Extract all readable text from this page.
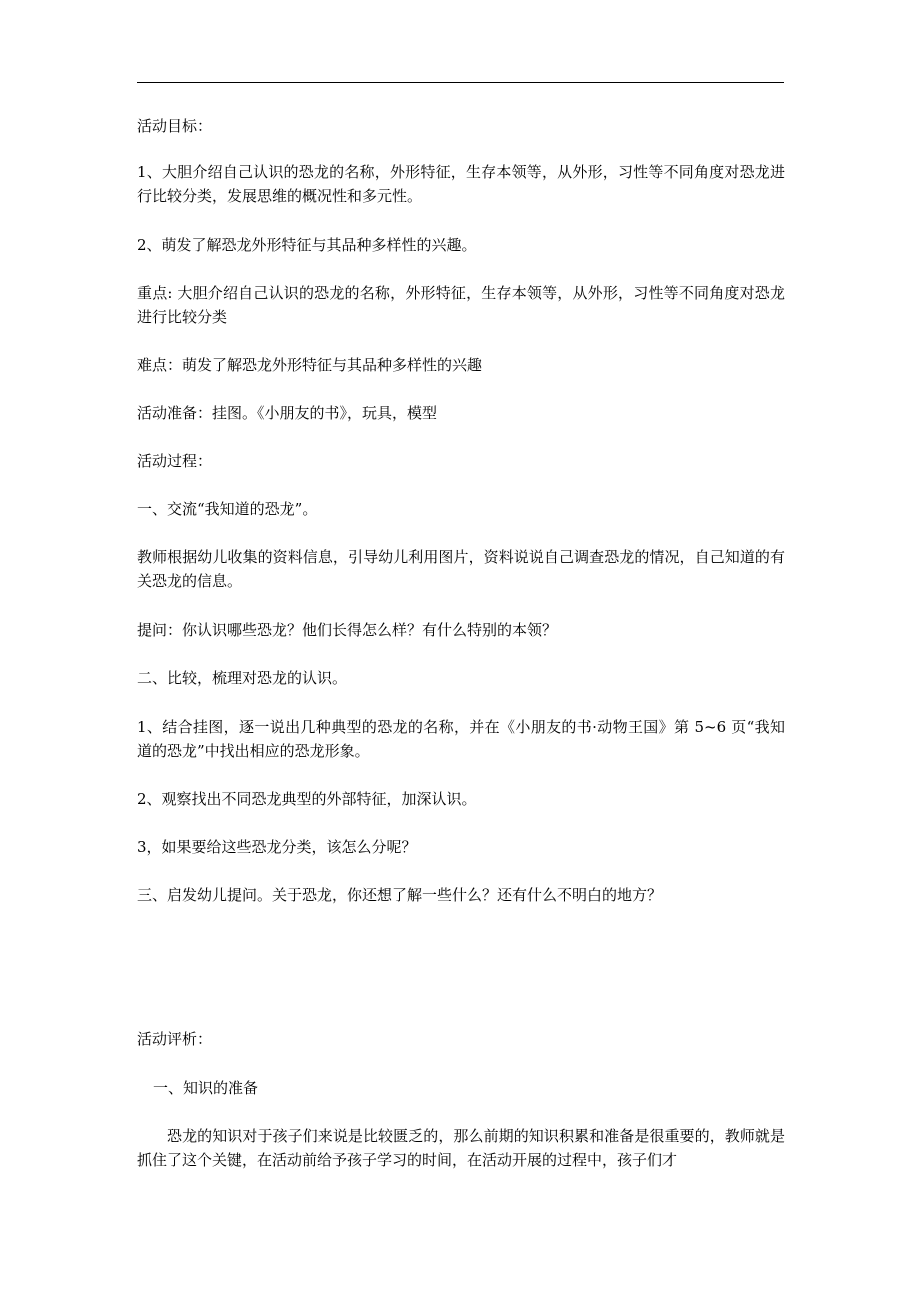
活动目标：
1、大胆介绍自己认识的恐龙的名称，外形特征，生存本领等，从外形，习性等不同角度对恐龙进行比较分类，发展思维的概况性和多元性。
2、萌发了解恐龙外形特征与其品种多样性的兴趣。
重点: 大胆介绍自己认识的恐龙的名称，外形特征，生存本领等，从外形，习性等不同角度对恐龙进行比较分类
难点：萌发了解恐龙外形特征与其品种多样性的兴趣
活动准备：挂图。《小朋友的书》，玩具，模型
活动过程：
一、交流“我知道的恐龙”。
教师根据幼儿收集的资料信息，引导幼儿利用图片，资料说说自己调查恐龙的情况，自己知道的有关恐龙的信息。
提问：你认识哪些恐龙？他们长得怎么样？有什么特别的本领？
二、比较，梳理对恐龙的认识。
1、结合挂图，逐一说出几种典型的恐龙的名称，并在《小朋友的书·动物王国》第 5~6 页“我知道的恐龙”中找出相应的恐龙形象。
2、观察找出不同恐龙典型的外部特征，加深认识。
3，如果要给这些恐龙分类，该怎么分呢？
三、启发幼儿提问。关于恐龙，你还想了解一些什么？还有什么不明白的地方？
活动评析：
一、知识的准备
恐龙的知识对于孩子们来说是比较匮乏的，那么前期的知识积累和准备是很重要的，教师就是抓住了这个关键，在活动前给予孩子学习的时间，在活动开展的过程中，孩子们才
